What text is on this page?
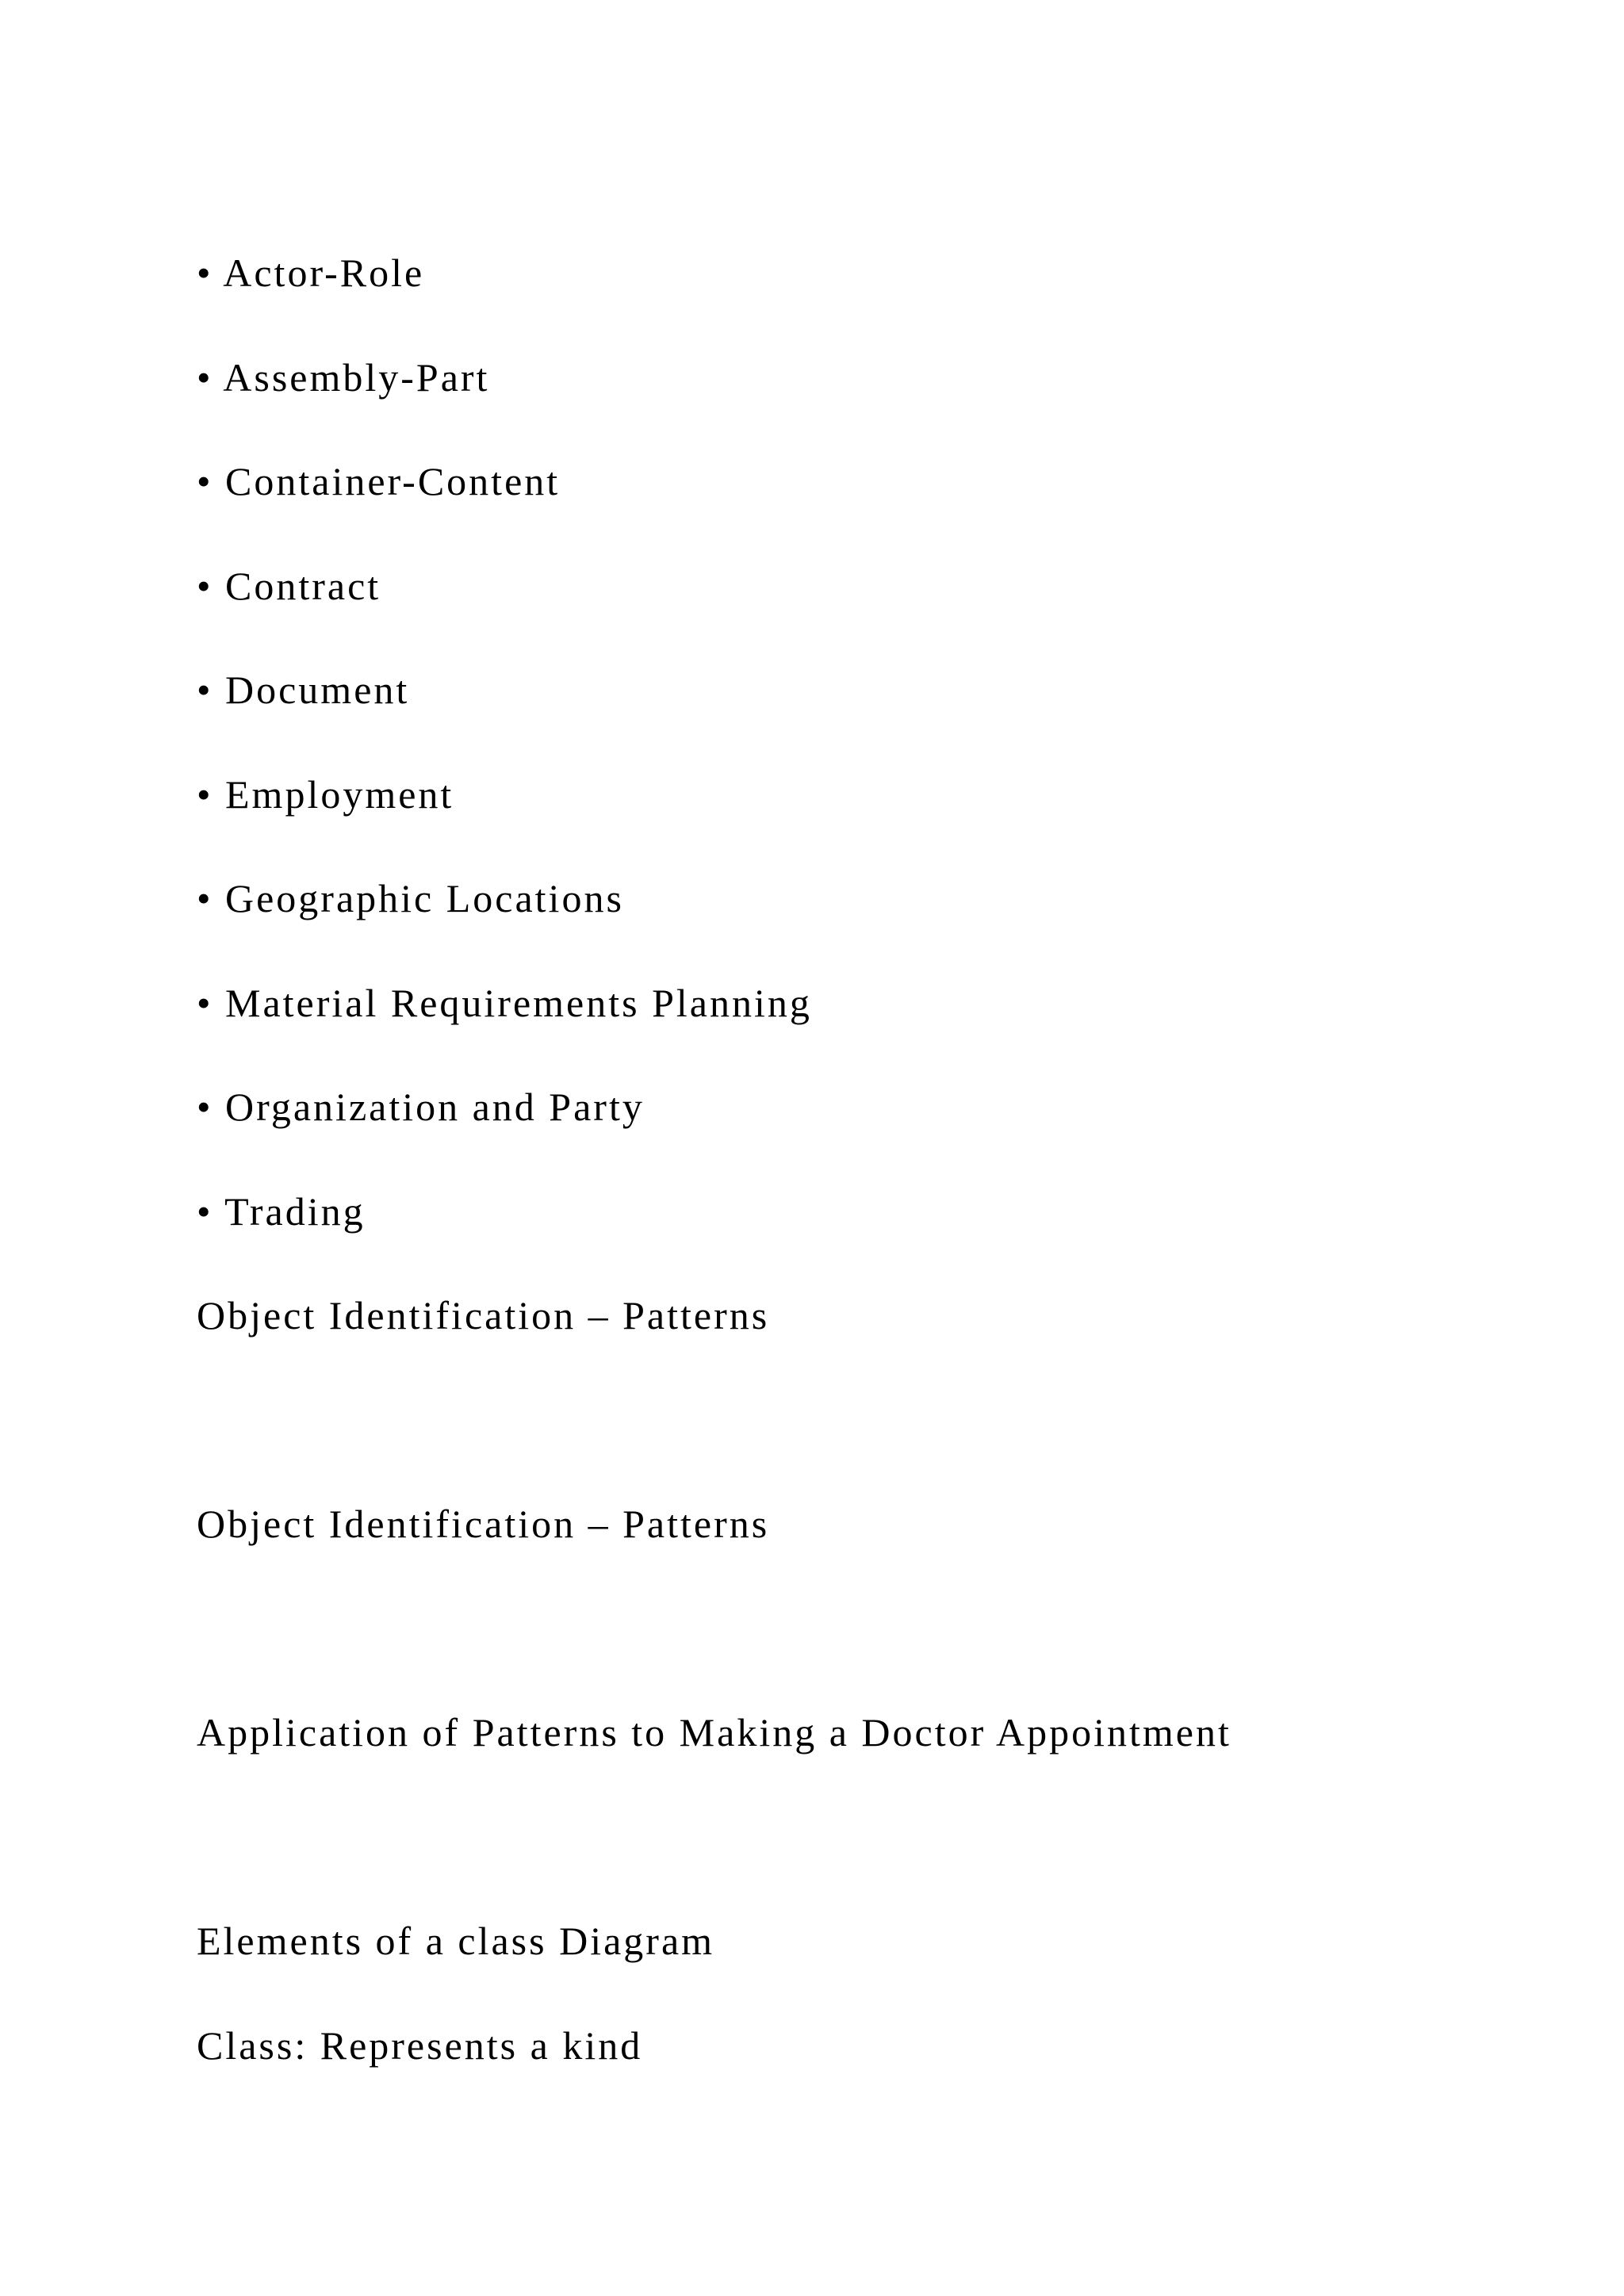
• Actor-Role

• Assembly-Part

• Container-Content

• Contract

• Document

• Employment

• Geographic Locations

• Material Requirements Planning

• Organization and Party

• Trading

Object Identification – Patterns

Object Identification – Patterns

Application of Patterns to Making a Doctor Appointment

Elements of a class Diagram

Class: Represents a kind
